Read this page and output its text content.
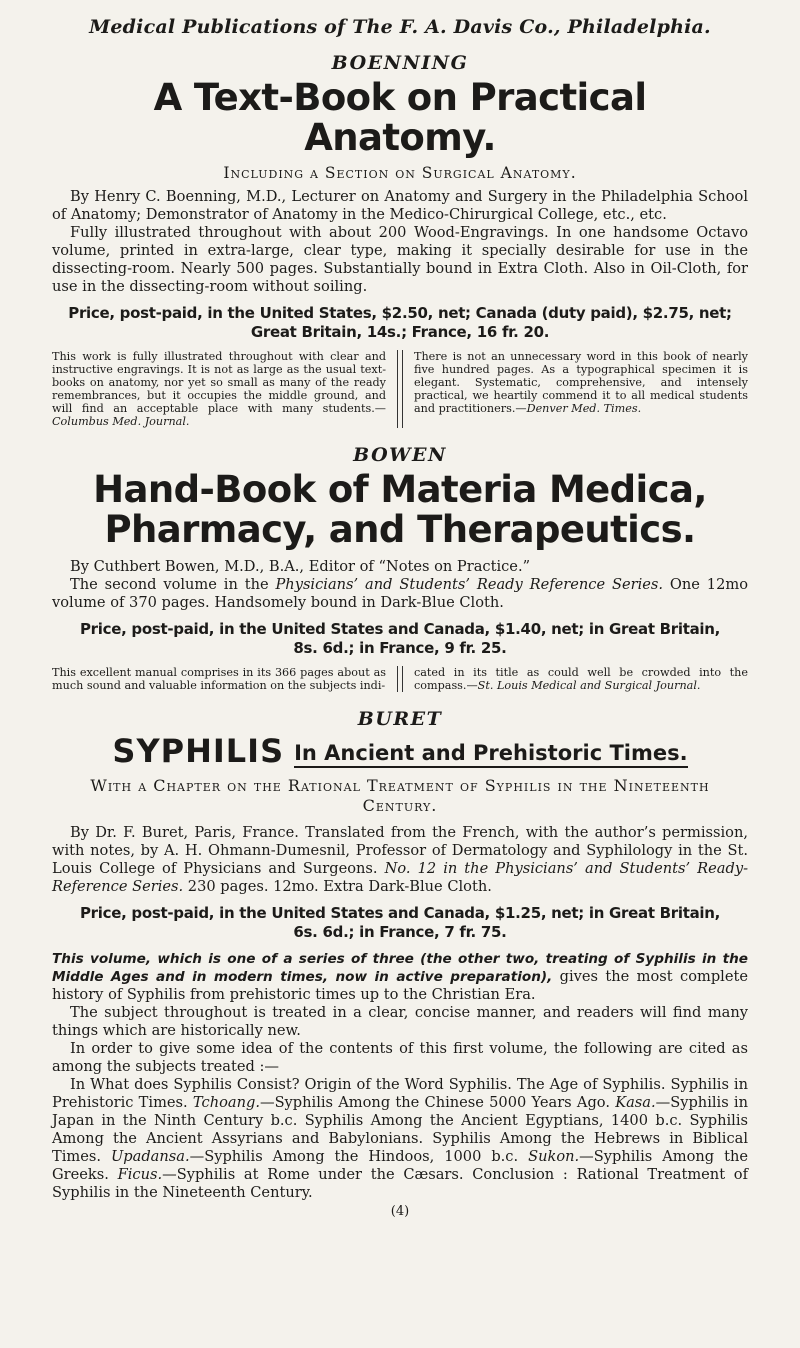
Medical Publications of The F. A. Davis Co., Philadelphia.
BOENNING
A Text-Book on Practical Anatomy.
Including a Section on Surgical Anatomy.

By Henry C. Boenning, M.D., Lecturer on Anatomy and Surgery in the Philadelphia School of Anatomy; Demonstrator of Anatomy in the Medico-Chirurgical College, etc., etc.

Fully illustrated throughout with about 200 Wood-Engravings. In one handsome Octavo volume, printed in extra-large, clear type, making it specially desirable for use in the dissecting-room. Nearly 500 pages. Substantially bound in Extra Cloth. Also in Oil-Cloth, for use in the dissecting-room without soiling.

Price, post-paid, in the United States, $2.50, net; Canada (duty paid), $2.75, net; Great Britain, 14s.; France, 16 fr. 20.
This work is fully illustrated throughout with clear and instructive engravings. It is not as large as the usual text-books on anatomy, nor yet so small as many of the ready remembrances, but it occupies the middle ground, and will find an acceptable place with many students.—Columbus Med. Journal.
There is not an unnecessary word in this book of nearly five hundred pages. As a typographical specimen it is elegant. Systematic, comprehensive, and intensely practical, we heartily commend it to all medical students and practitioners.—Denver Med. Times.
BOWEN
Hand-Book of Materia Medica, Pharmacy, and Therapeutics.

By Cuthbert Bowen, M.D., B.A., Editor of “Notes on Practice.”

The second volume in the Physicians’ and Students’ Ready Reference Series. One 12mo volume of 370 pages. Handsomely bound in Dark-Blue Cloth.

Price, post-paid, in the United States and Canada, $1.40, net; in Great Britain, 8s. 6d.; in France, 9 fr. 25.
This excellent manual comprises in its 366 pages about as much sound and valuable information on the subjects indi-
cated in its title as could well be crowded into the compass.—St. Louis Medical and Surgical Journal.
BURET
SYPHILIS In Ancient and Prehistoric Times.
With a Chapter on the Rational Treatment of Syphilis in the Nineteenth Century.

By Dr. F. Buret, Paris, France. Translated from the French, with the author’s permission, with notes, by A. H. Ohmann-Dumesnil, Professor of Dermatology and Syphilology in the St. Louis College of Physicians and Surgeons. No. 12 in the Physicians’ and Students’ Ready-Reference Series. 230 pages. 12mo. Extra Dark-Blue Cloth.

Price, post-paid, in the United States and Canada, $1.25, net; in Great Britain, 6s. 6d.; in France, 7 fr. 75.

This volume, which is one of a series of three (the other two, treating of Syphilis in the Middle Ages and in modern times, now in active preparation), gives the most complete history of Syphilis from prehistoric times up to the Christian Era.

The subject throughout is treated in a clear, concise manner, and readers will find many things which are historically new.

In order to give some idea of the contents of this first volume, the following are cited as among the subjects treated :—

In What does Syphilis Consist? Origin of the Word Syphilis. The Age of Syphilis. Syphilis in Prehistoric Times. Tchoang.—Syphilis Among the Chinese 5000 Years Ago. Kasa.—Syphilis in Japan in the Ninth Century b.c. Syphilis Among the Ancient Egyptians, 1400 b.c. Syphilis Among the Ancient Assyrians and Babylonians. Syphilis Among the Hebrews in Biblical Times. Upadansa.—Syphilis Among the Hindoos, 1000 b.c. Sukon.—Syphilis Among the Greeks. Ficus.—Syphilis at Rome under the Cæsars. Conclusion : Rational Treatment of Syphilis in the Nineteenth Century.

(4)
